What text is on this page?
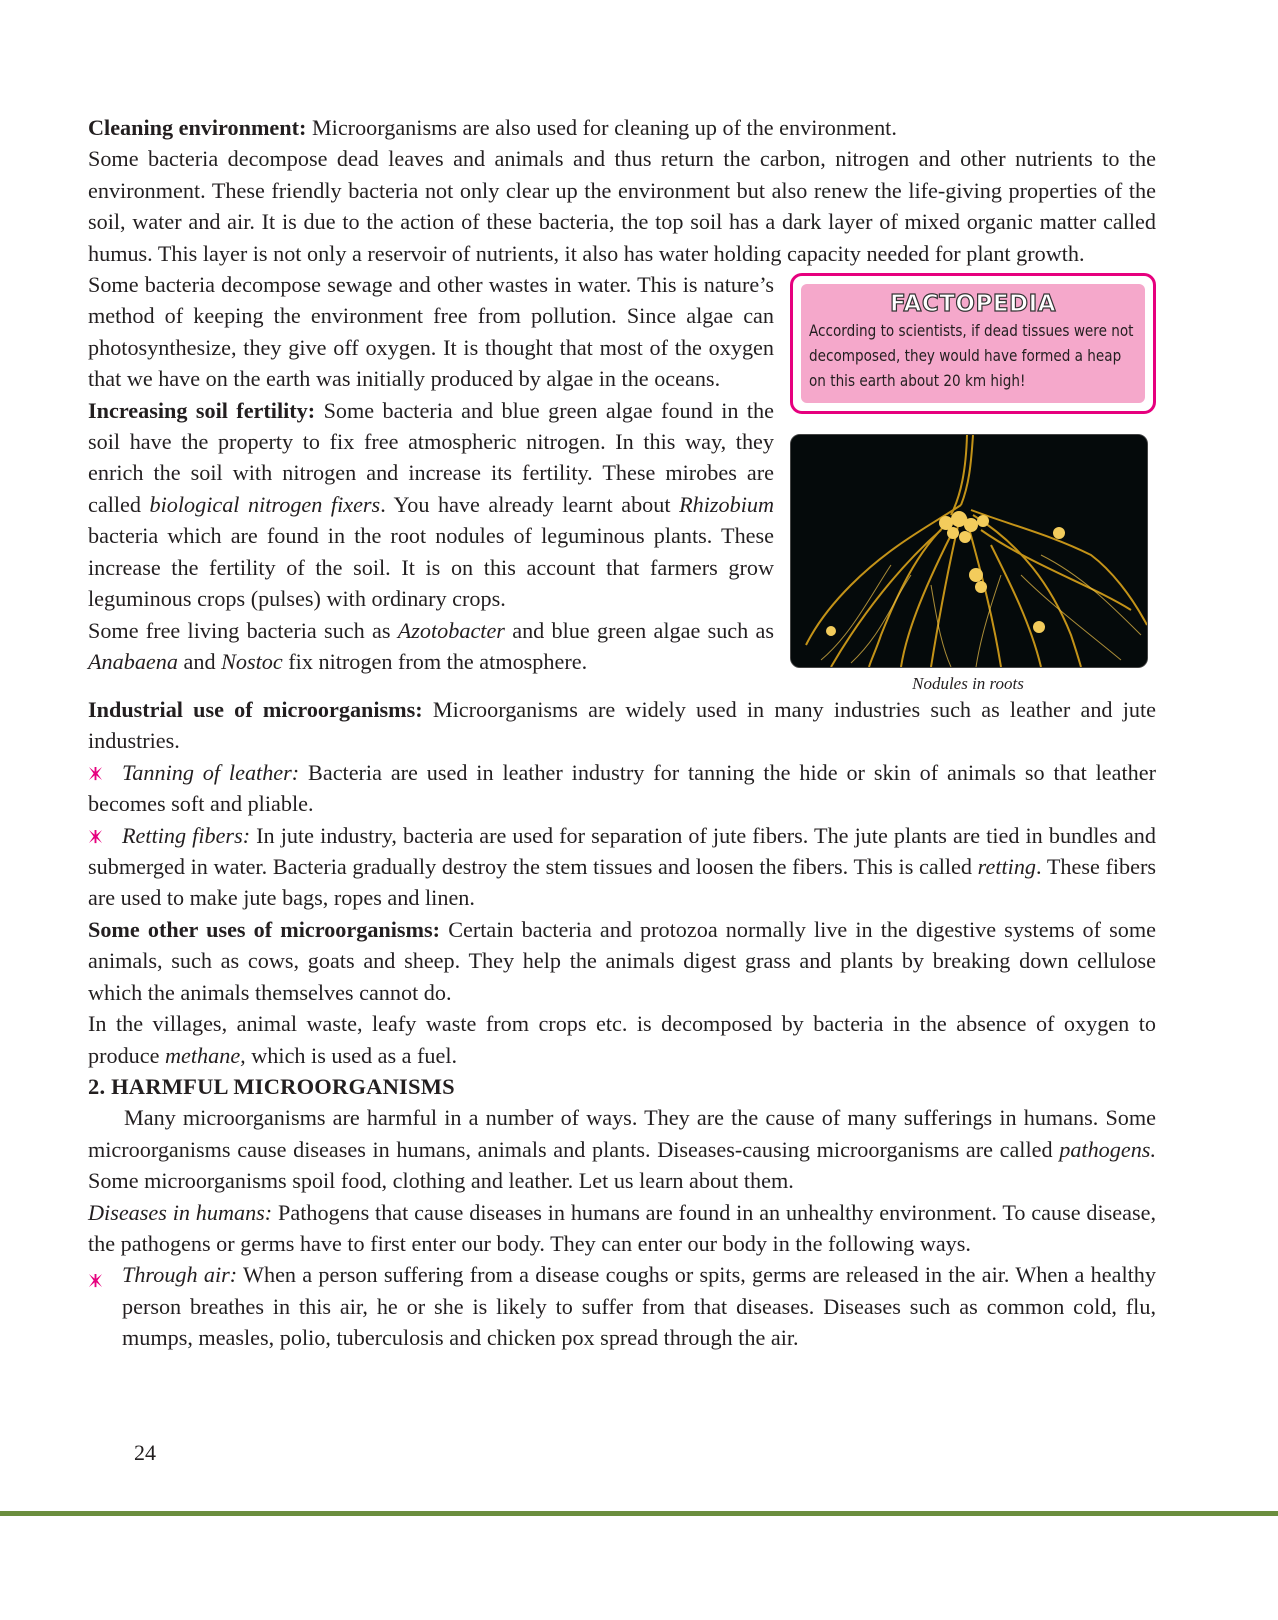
Cleaning environment: Microorganisms are also used for cleaning up of the environment.

Some bacteria decompose dead leaves and animals and thus return the carbon, nitrogen and other nutrients to the environment. These friendly bacteria not only clear up the environment but also renew the life-giving properties of the soil, water and air. It is due to the action of these bacteria, the top soil has a dark layer of mixed organic matter called humus. This layer is not only a reservoir of nutrients, it also has water holding capacity needed for plant growth.

FACTOPEDIA
According to scientists, if dead tissues were not decomposed, they would have formed a heap on this earth about 20 km high!
Nodules in roots

Some bacteria decompose sewage and other wastes in water. This is nature’s method of keeping the environment free from pollution. Since algae can photosynthesize, they give off oxygen. It is thought that most of the oxygen that we have on the earth was initially produced by algae in the oceans.

Increasing soil fertility: Some bacteria and blue green algae found in the soil have the property to fix free atmospheric nitrogen. In this way, they enrich the soil with nitrogen and increase its fertility. These mirobes are called biological nitrogen fixers. You have already learnt about Rhizobium bacteria which are found in the root nodules of leguminous plants. These increase the fertility of the soil. It is on this account that farmers grow leguminous crops (pulses) with ordinary crops.

Some free living bacteria such as Azotobacter and blue green algae such as Anabaena and Nostoc fix nitrogen from the atmosphere.

Industrial use of microorganisms: Microorganisms are widely used in many industries such as leather and jute industries.

Tanning of leather: Bacteria are used in leather industry for tanning the hide or skin of animals so that leather becomes soft and pliable.

Retting fibers: In jute industry, bacteria are used for separation of jute fibers. The jute plants are tied in bundles and submerged in water. Bacteria gradually destroy the stem tissues and loosen the fibers. This is called retting. These fibers are used to make jute bags, ropes and linen.

Some other uses of microorganisms: Certain bacteria and protozoa normally live in the digestive systems of some animals, such as cows, goats and sheep. They help the animals digest grass and plants by breaking down cellulose which the animals themselves cannot do.

In the villages, animal waste, leafy waste from crops etc. is decomposed by bacteria in the absence of oxygen to produce methane, which is used as a fuel.

2. HARMFUL MICROORGANISMS

Many microorganisms are harmful in a number of ways. They are the cause of many sufferings in humans. Some microorganisms cause diseases in humans, animals and plants. Diseases-causing microorganisms are called pathogens. Some microorganisms spoil food, clothing and leather. Let us learn about them.

Diseases in humans: Pathogens that cause diseases in humans are found in an unhealthy environment. To cause disease, the pathogens or germs have to first enter our body. They can enter our body in the following ways.

Through air: When a person suffering from a disease coughs or spits, germs are released in the air. When a healthy person breathes in this air, he or she is likely to suffer from that diseases. Diseases such as common cold, flu, mumps, measles, polio, tuberculosis and chicken pox spread through the air.

24
